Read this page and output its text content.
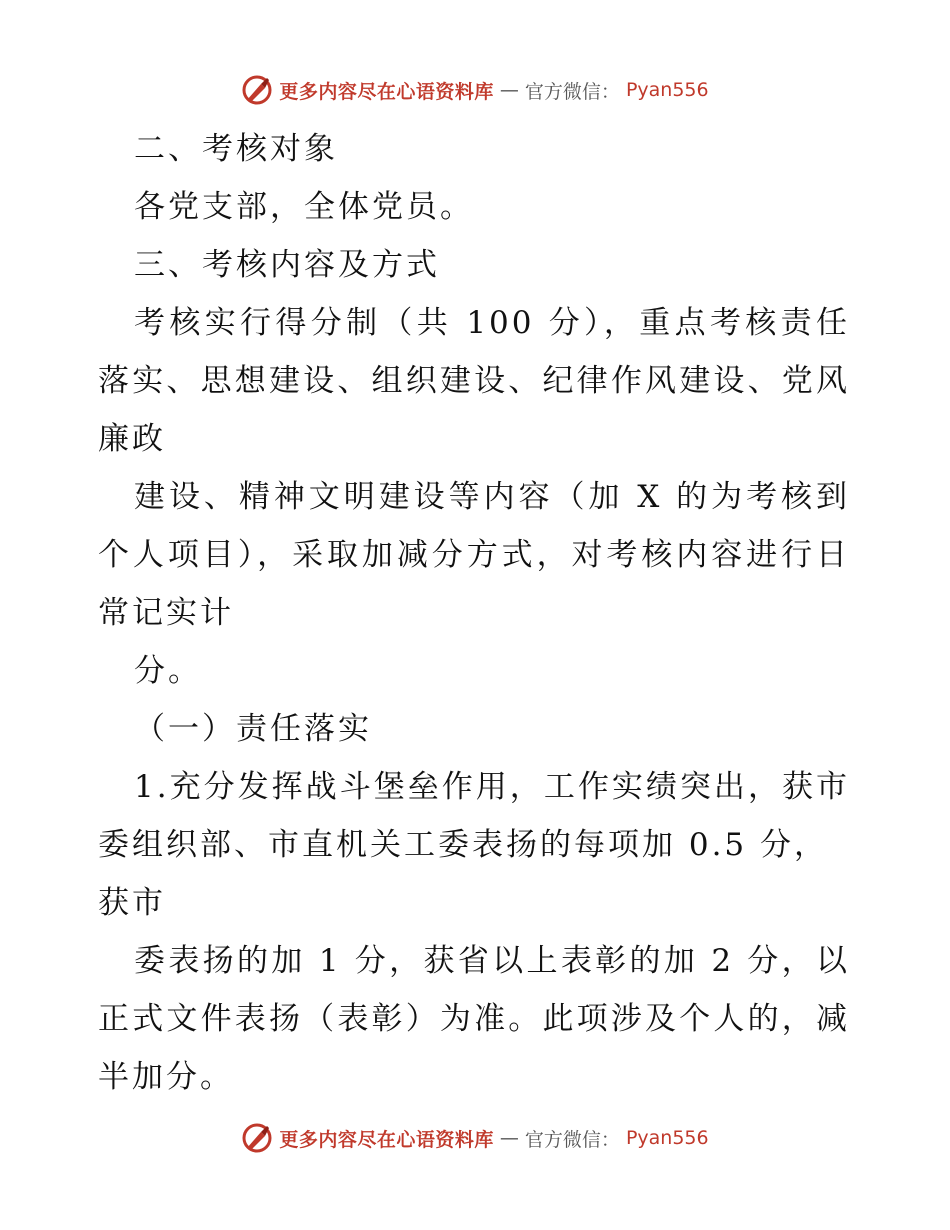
更多内容尽在心语资料库 — 官方微信： Pyan556
二、考核对象
各党支部，全体党员。
三、考核内容及方式
考核实行得分制（共 100 分），重点考核责任
落实、思想建设、组织建设、纪律作风建设、党风
廉政
建设、精神文明建设等内容（加 X 的为考核到
个人项目），采取加减分方式，对考核内容进行日
常记实计
分。
（一）责任落实
1.充分发挥战斗堡垒作用，工作实绩突出，获市
委组织部、市直机关工委表扬的每项加 0.5 分，
获市
委表扬的加 1 分，获省以上表彰的加 2 分，以
正式文件表扬（表彰）为准。此项涉及个人的，减
半加分。
更多内容尽在心语资料库 — 官方微信： Pyan556
